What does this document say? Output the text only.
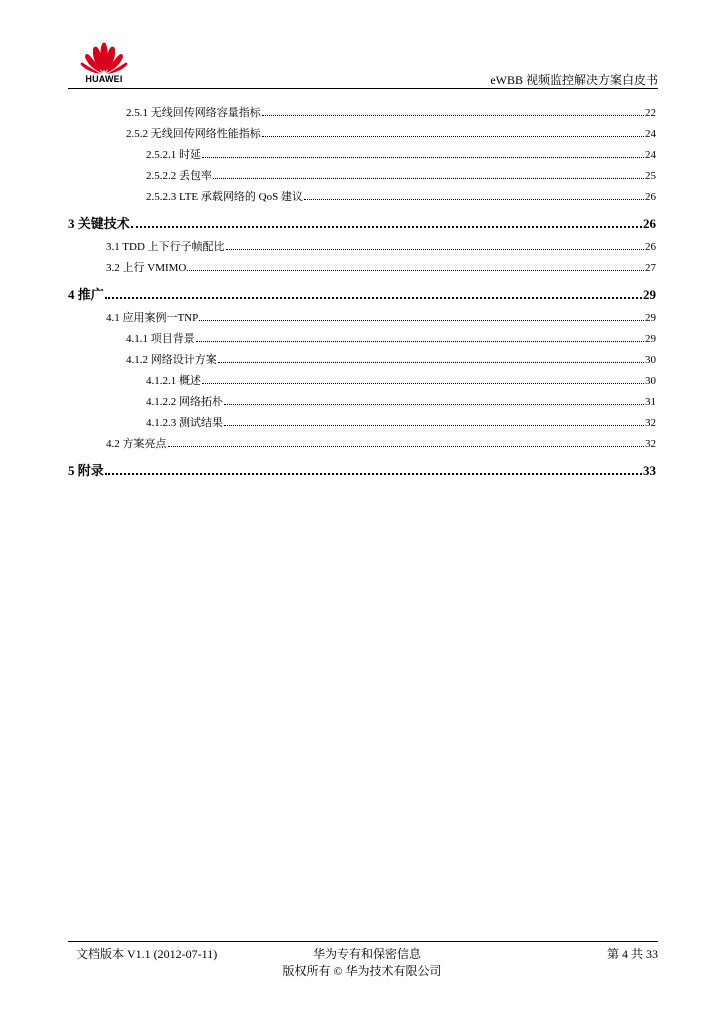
HUAWEI	eWBB 视频监控解决方案白皮书
2.5.1 无线回传网络容量指标	22
2.5.2 无线回传网络性能指标	24
2.5.2.1 时延	24
2.5.2.2 丢包率	25
2.5.2.3 LTE 承载网络的 QoS 建议	26
3 关键技术	26
3.1 TDD 上下行子帧配比	26
3.2 上行 VMIMO	27
4 推广	29
4.1 应用案例一TNP	29
4.1.1 项目背景	29
4.1.2 网络设计方案	30
4.1.2.1 概述	30
4.1.2.2 网络拓朴	31
4.1.2.3 测试结果	32
4.2 方案亮点	32
5 附录	33
文档版本 V1.1 (2012-07-11)	华为专有和保密信息	第 4 共 33
版权所有 © 华为技术有限公司
